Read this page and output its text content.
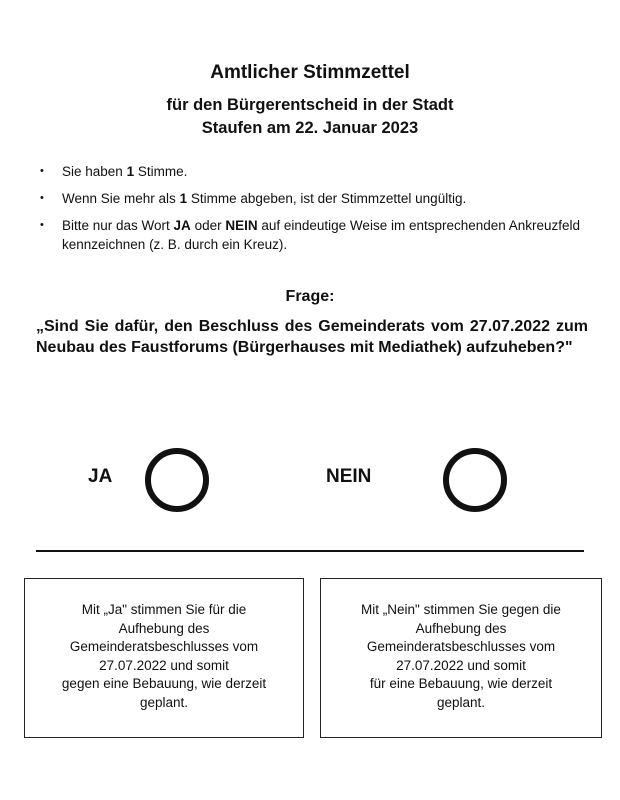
Amtlicher Stimmzettel
für den Bürgerentscheid in der Stadt
Staufen am 22. Januar 2023
• Sie haben 1 Stimme.
• Wenn Sie mehr als 1 Stimme abgeben, ist der Stimmzettel ungültig.
• Bitte nur das Wort JA oder NEIN auf eindeutige Weise im entsprechenden Ankreuzfeld kennzeichnen (z. B. durch ein Kreuz).
Frage:
„Sind Sie dafür, den Beschluss des Gemeinderats vom 27.07.2022 zum Neubau des Faustforums (Bürgerhauses mit Mediathek) aufzuheben?"
JA	NEIN
Mit „Ja" stimmen Sie für die
Aufhebung des
Gemeinderatsbeschlusses vom
27.07.2022 und somit
gegen eine Bebauung, wie derzeit
geplant.
Mit „Nein" stimmen Sie gegen die
Aufhebung des
Gemeinderatsbeschlusses vom
27.07.2022 und somit
für eine Bebauung, wie derzeit
geplant.
